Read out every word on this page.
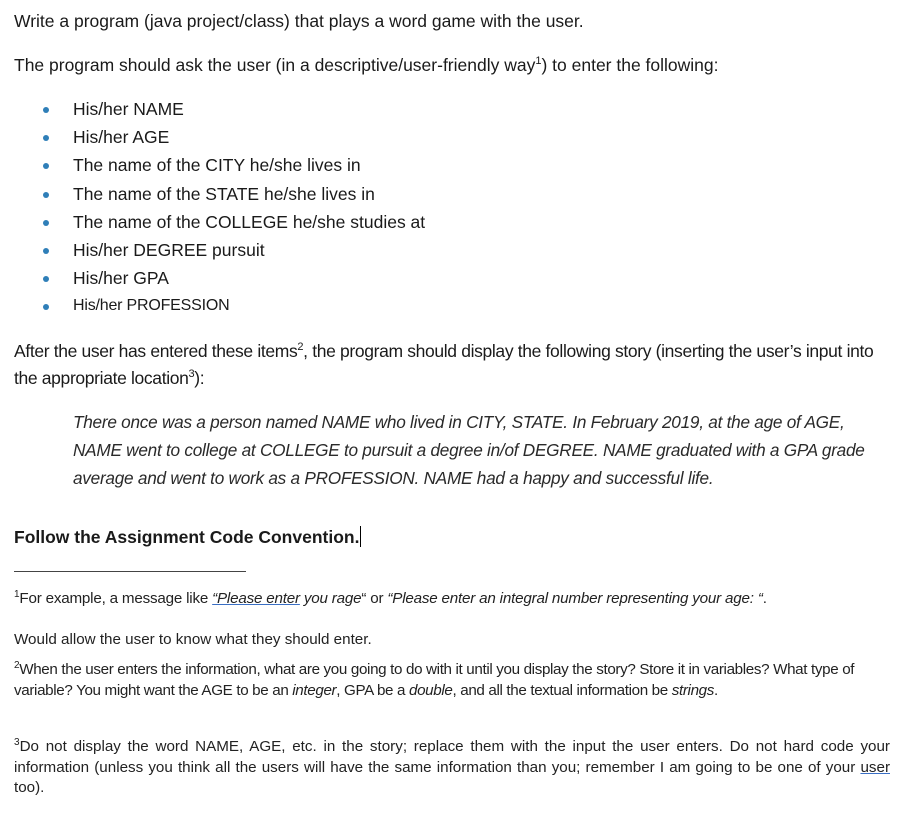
Write a program (java project/class) that plays a word game with the user.
The program should ask the user (in a descriptive/user-friendly way$^1$) to enter the following:
His/her NAME
His/her AGE
The name of the CITY he/she lives in
The name of the STATE he/she lives in
The name of the COLLEGE he/she studies at
His/her DEGREE pursuit
His/her GPA
His/her PROFESSION
After the user has entered these items$^2$, the program should display the following story (inserting the user’s input into the appropriate location$^3$):
There once was a person named NAME who lived in CITY, STATE. In February 2019, at the age of AGE, NAME went to college at COLLEGE to pursuit a degree in/of DEGREE. NAME graduated with a GPA grade average and went to work as a PROFESSION. NAME had a happy and successful life.
Follow the Assignment Code Convention.
$^1$For example, a message like “Please enter you rage“ or “Please enter an integral number representing your age: “.
Would allow the user to know what they should enter.
$^2$When the user enters the information, what are you going to do with it until you display the story? Store it in variables? What type of variable? You might want the AGE to be an integer, GPA be a double, and all the textual information be strings.
$^3$Do not display the word NAME, AGE, etc. in the story; replace them with the input the user enters. Do not hard code your information (unless you think all the users will have the same information than you; remember I am going to be one of your user too).
